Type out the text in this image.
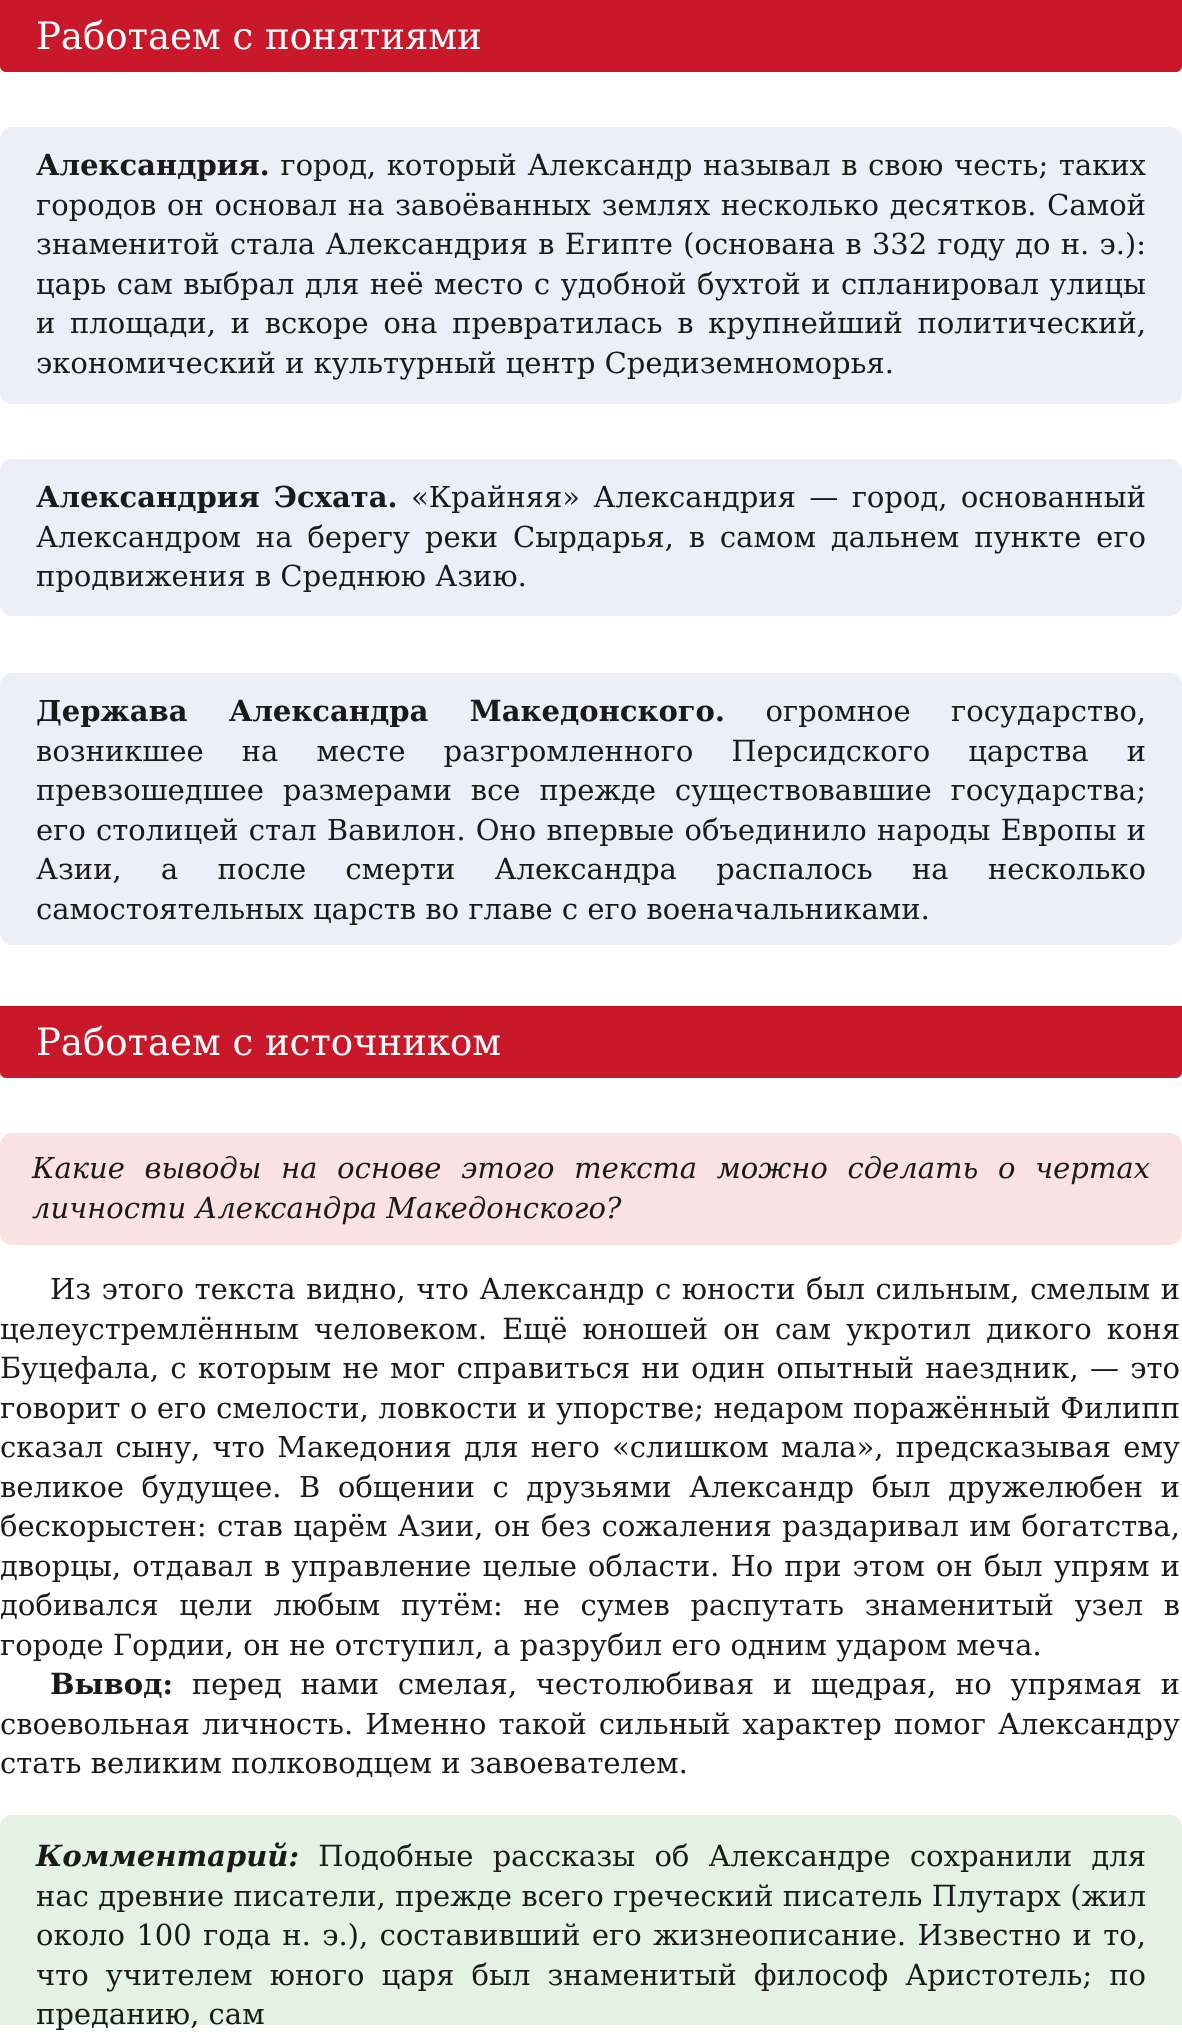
Работаем с понятиями

Александрия. город, который Александр называл в свою честь; таких городов он основал на завоёванных землях несколько десятков. Самой знаменитой стала Александрия в Египте (основана в 332 году до н. э.): царь сам выбрал для неё место с удобной бухтой и спланировал улицы и площади, и вскоре она превратилась в крупнейший политический, экономический и культурный центр Средиземноморья.

Александрия Эсхата. «Крайняя» Александрия — город, основанный Александром на берегу реки Сырдарья, в самом дальнем пункте его продвижения в Среднюю Азию.

Держава Александра Македонского. огромное государство, возникшее на месте разгромленного Персидского царства и превзошедшее размерами все прежде существовавшие государства; его столицей стал Вавилон. Оно впервые объединило народы Европы и Азии, а после смерти Александра распалось на несколько самостоятельных царств во главе с его военачальниками.

Работаем с источником

Какие выводы на основе этого текста можно сделать о чертах личности Александра Македонского?

Из этого текста видно, что Александр с юности был сильным, смелым и целеустремлённым человеком. Ещё юношей он сам укротил дикого коня Буцефала, с которым не мог справиться ни один опытный наездник, — это говорит о его смелости, ловкости и упорстве; недаром поражённый Филипп сказал сыну, что Македония для него «слишком мала», предсказывая ему великое будущее. В общении с друзьями Александр был дружелюбен и бескорыстен: став царём Азии, он без сожаления раздаривал им богатства, дворцы, отдавал в управление целые области. Но при этом он был упрям и добивался цели любым путём: не сумев распутать знаменитый узел в городе Гордии, он не отступил, а разрубил его одним ударом меча.

Вывод: перед нами смелая, честолюбивая и щедрая, но упрямая и своевольная личность. Именно такой сильный характер помог Александру стать великим полководцем и завоевателем.

Комментарий: Подобные рассказы об Александре сохранили для нас древние писатели, прежде всего греческий писатель Плутарх (жил около 100 года н. э.), составивший его жизнеописание. Известно и то, что учителем юного царя был знаменитый философ Аристотель; по преданию, сам
